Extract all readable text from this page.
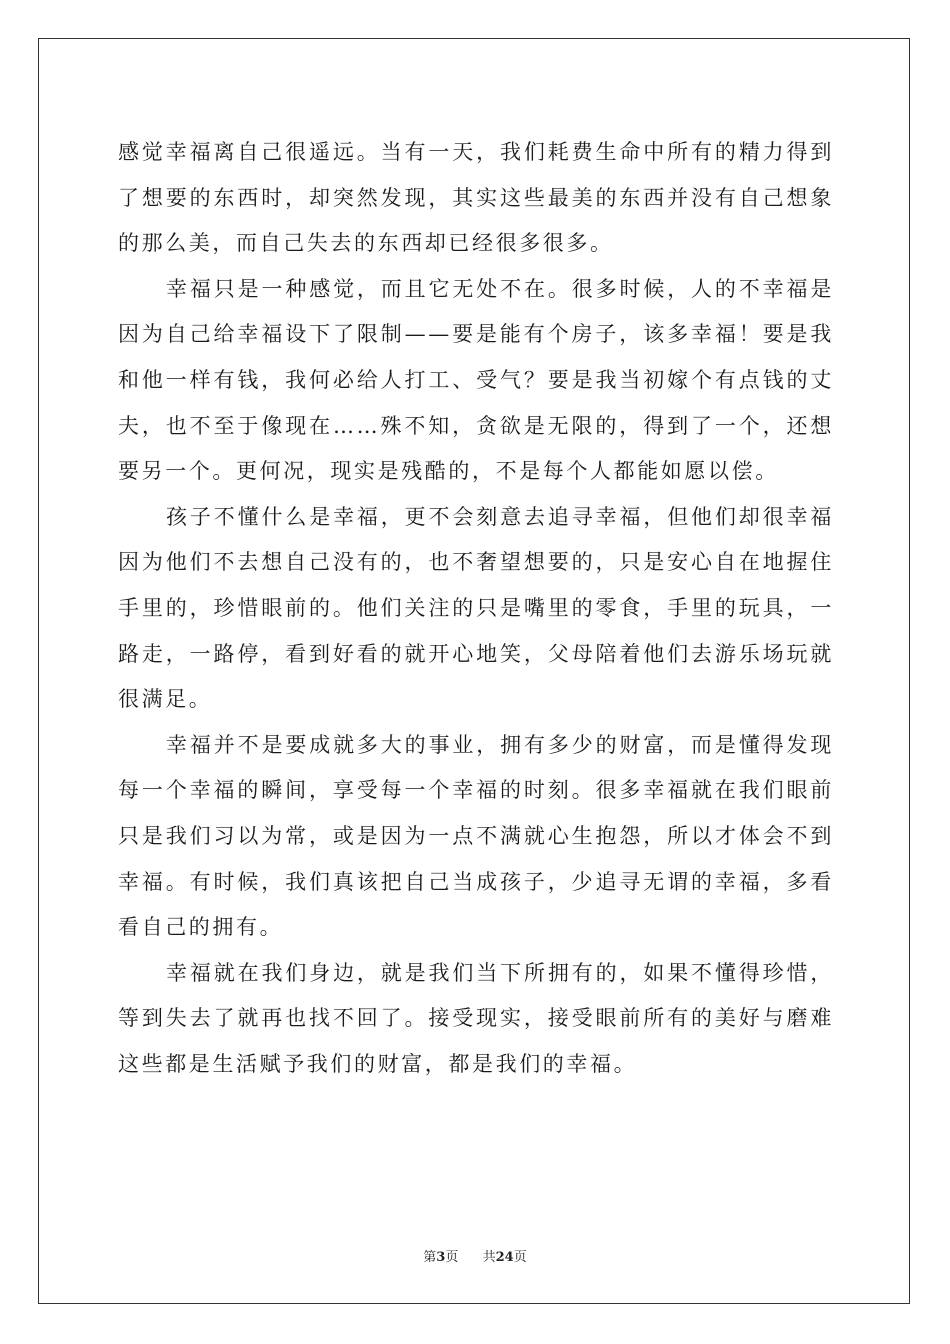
感觉幸福离自己很遥远。当有一天，我们耗费生命中所有的精力得到了想要的东西时，却突然发现，其实这些最美的东西并没有自己想象的那么美，而自己失去的东西却已经很多很多。

幸福只是一种感觉，而且它无处不在。很多时候，人的不幸福是因为自己给幸福设下了限制——要是能有个房子，该多幸福！要是我和他一样有钱，我何必给人打工、受气？要是我当初嫁个有点钱的丈夫，也不至于像现在……殊不知，贪欲是无限的，得到了一个，还想要另一个。更何况，现实是残酷的，不是每个人都能如愿以偿。

孩子不懂什么是幸福，更不会刻意去追寻幸福，但他们却很幸福因为他们不去想自己没有的，也不奢望想要的，只是安心自在地握住手里的，珍惜眼前的。他们关注的只是嘴里的零食，手里的玩具，一路走，一路停，看到好看的就开心地笑，父母陪着他们去游乐场玩就很满足。

幸福并不是要成就多大的事业，拥有多少的财富，而是懂得发现每一个幸福的瞬间，享受每一个幸福的时刻。很多幸福就在我们眼前只是我们习以为常，或是因为一点不满就心生抱怨，所以才体会不到幸福。有时候，我们真该把自己当成孩子，少追寻无谓的幸福，多看看自己的拥有。

幸福就在我们身边，就是我们当下所拥有的，如果不懂得珍惜，等到失去了就再也找不回了。接受现实，接受眼前所有的美好与磨难这些都是生活赋予我们的财富，都是我们的幸福。

第3页 共24页
